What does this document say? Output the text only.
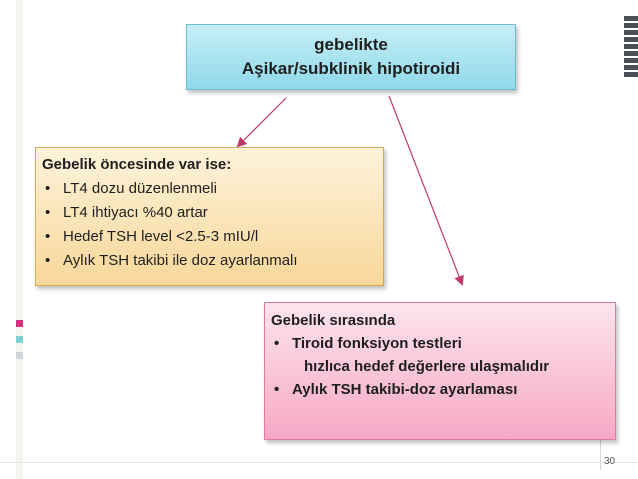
gebelikte
Aşikar/subklinik hipotiroidi
Gebelik öncesinde var ise:
• LT4 dozu düzenlenmeli
• LT4 ihtiyacı %40 artar
• Hedef TSH level <2.5-3 mIU/l
• Aylık TSH takibi ile doz ayarlanmalı
Gebelik sırasında
• Tiroid fonksiyon testleri
hızlıca hedef değerlere ulaşmalıdır
• Aylık TSH takibi-doz ayarlaması
30
